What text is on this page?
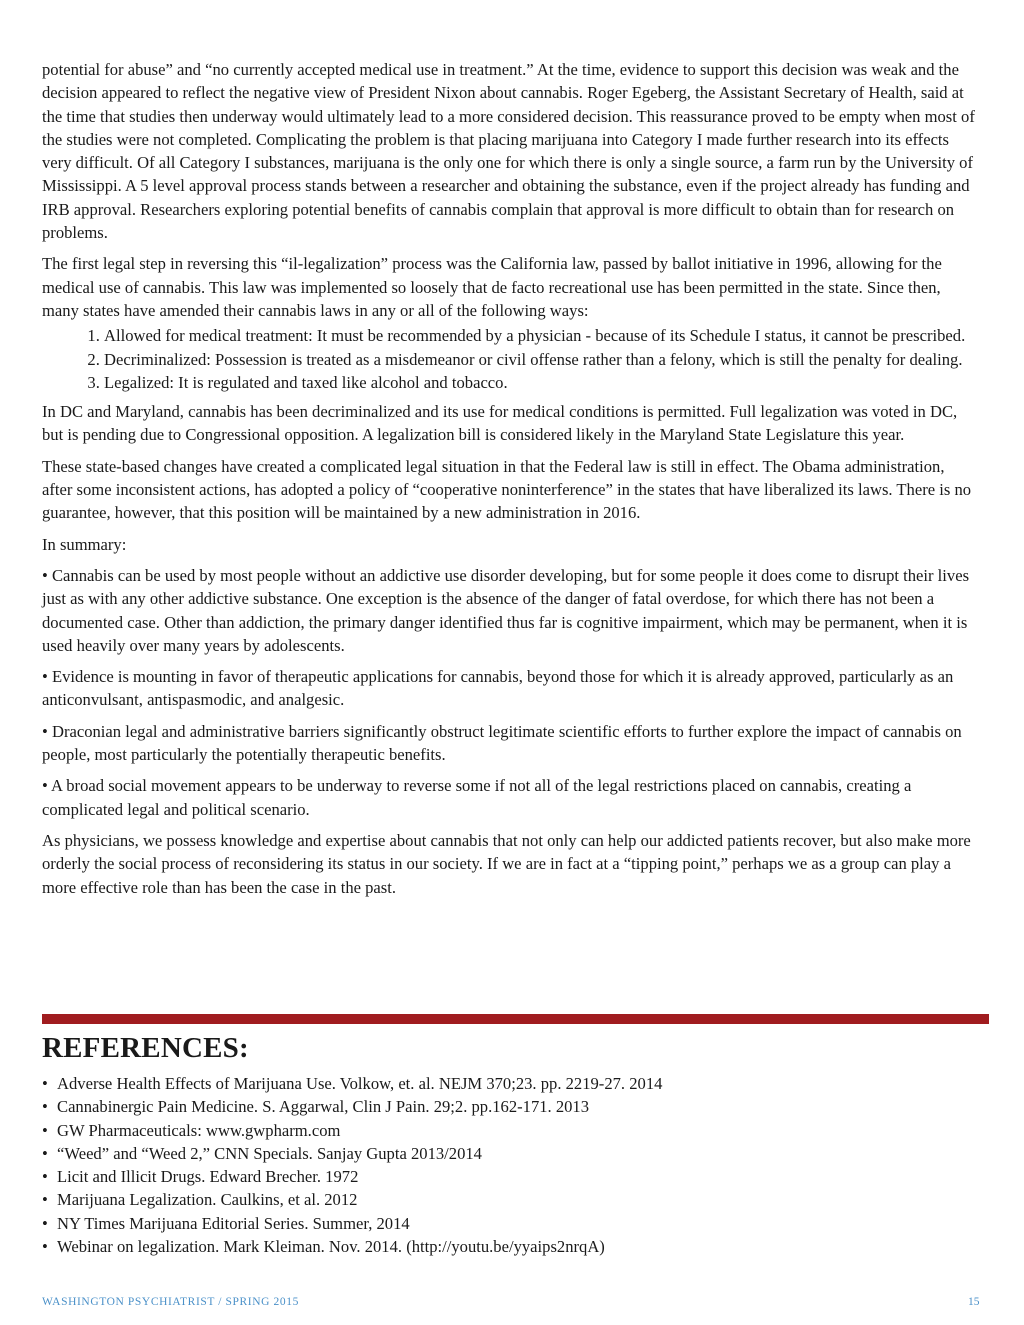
potential for abuse” and “no currently accepted medical use in treatment.” At the time, evidence to support this decision was weak and the decision appeared to reflect the negative view of President Nixon about cannabis. Roger Egeberg, the Assistant Secretary of Health, said at the time that studies then underway would ultimately lead to a more considered decision. This reassurance proved to be empty when most of the studies were not completed. Complicating the problem is that placing marijuana into Category I made further research into its effects very difficult. Of all Category I substances, marijuana is the only one for which there is only a single source, a farm run by the University of Mississippi. A 5 level approval process stands between a researcher and obtaining the substance, even if the project already has funding and IRB approval. Researchers exploring potential benefits of cannabis complain that approval is more difficult to obtain than for research on problems.

The first legal step in reversing this “il-legalization” process was the California law, passed by ballot initiative in 1996, allowing for the medical use of cannabis. This law was implemented so loosely that de facto recreational use has been permitted in the state. Since then, many states have amended their cannabis laws in any or all of the following ways:

1. Allowed for medical treatment: It must be recommended by a physician - because of its Schedule I status, it cannot be prescribed.
2. Decriminalized: Possession is treated as a misdemeanor or civil offense rather than a felony, which is still the penalty for dealing.
3. Legalized: It is regulated and taxed like alcohol and tobacco.

In DC and Maryland, cannabis has been decriminalized and its use for medical conditions is permitted. Full legalization was voted in DC, but is pending due to Congressional opposition. A legalization bill is considered likely in the Maryland State Legislature this year.

These state-based changes have created a complicated legal situation in that the Federal law is still in effect. The Obama administration, after some inconsistent actions, has adopted a policy of “cooperative noninterference” in the states that have liberalized its laws. There is no guarantee, however, that this position will be maintained by a new administration in 2016.

In summary:

• Cannabis can be used by most people without an addictive use disorder developing, but for some people it does come to disrupt their lives just as with any other addictive substance. One exception is the absence of the danger of fatal overdose, for which there has not been a documented case. Other than addiction, the primary danger identified thus far is cognitive impairment, which may be permanent, when it is used heavily over many years by adolescents.

• Evidence is mounting in favor of therapeutic applications for cannabis, beyond those for which it is already approved, particularly as an anticonvulsant, antispasmodic, and analgesic.

• Draconian legal and administrative barriers significantly obstruct legitimate scientific efforts to further explore the impact of cannabis on people, most particularly the potentially therapeutic benefits.

• A broad social movement appears to be underway to reverse some if not all of the legal restrictions placed on cannabis, creating a complicated legal and political scenario.

As physicians, we possess knowledge and expertise about cannabis that not only can help our addicted patients recover, but also make more orderly the social process of reconsidering its status in our society. If we are in fact at a “tipping point,” perhaps we as a group can play a more effective role than has been the case in the past.

REFERENCES:
• Adverse Health Effects of Marijuana Use. Volkow, et. al. NEJM 370;23. pp. 2219-27. 2014
• Cannabinergic Pain Medicine. S. Aggarwal, Clin J Pain. 29;2. pp.162-171. 2013
• GW Pharmaceuticals: www.gwpharm.com
• “Weed” and “Weed 2,” CNN Specials. Sanjay Gupta 2013/2014
• Licit and Illicit Drugs. Edward Brecher. 1972
• Marijuana Legalization. Caulkins, et al. 2012
• NY Times Marijuana Editorial Series. Summer, 2014
• Webinar on legalization. Mark Kleiman. Nov. 2014. (http://youtu.be/yyaips2nrqA)
WASHINGTON PSYCHIATRIST / SPRING 2015	15
